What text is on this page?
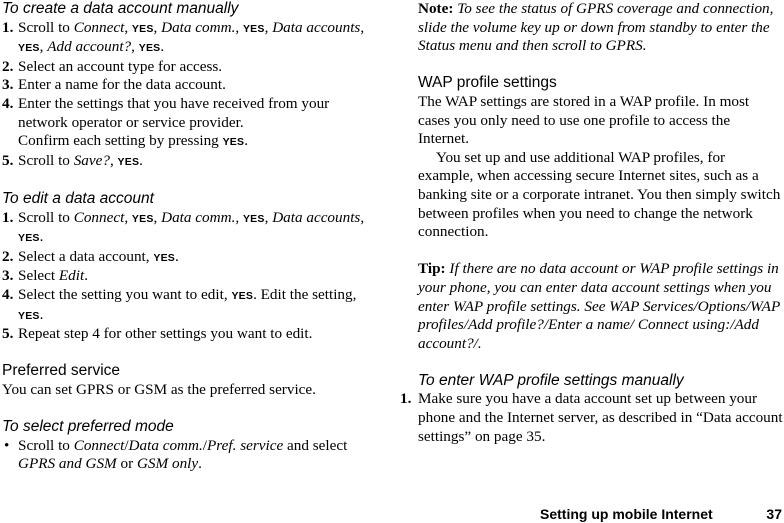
To create a data account manually
1. Scroll to Connect, YES, Data comm., YES, Data accounts, YES, Add account?, YES.
2. Select an account type for access.
3. Enter a name for the data account.
4. Enter the settings that you have received from your network operator or service provider.
Confirm each setting by pressing YES.
5. Scroll to Save?, YES.
To edit a data account
1. Scroll to Connect, YES, Data comm., YES, Data accounts, YES.
2. Select a data account, YES.
3. Select Edit.
4. Select the setting you want to edit, YES. Edit the setting, YES.
5. Repeat step 4 for other settings you want to edit.
Preferred service

You can set GPRS or GSM as the preferred service.

To select preferred mode
• Scroll to Connect/Data comm./Pref. service and select GPRS and GSM or GSM only.

Note: To see the status of GPRS coverage and connection, slide the volume key up or down from standby to enter the Status menu and then scroll to GPRS.

WAP profile settings

The WAP settings are stored in a WAP profile. In most cases you only need to use one profile to access the Internet.

You set up and use additional WAP profiles, for example, when accessing secure Internet sites, such as a banking site or a corporate intranet. You then simply switch between profiles when you need to change the network connection.

Tip: If there are no data account or WAP profile settings in your phone, you can enter data account settings when you enter WAP profile settings. See WAP Services/Options/WAP profiles/Add profile?/Enter a name/ Connect using:/Add account?/.

To enter WAP profile settings manually
1. Make sure you have a data account set up between your phone and the Internet server, as described in “Data account settings” on page 35.
Setting up mobile Internet	37
